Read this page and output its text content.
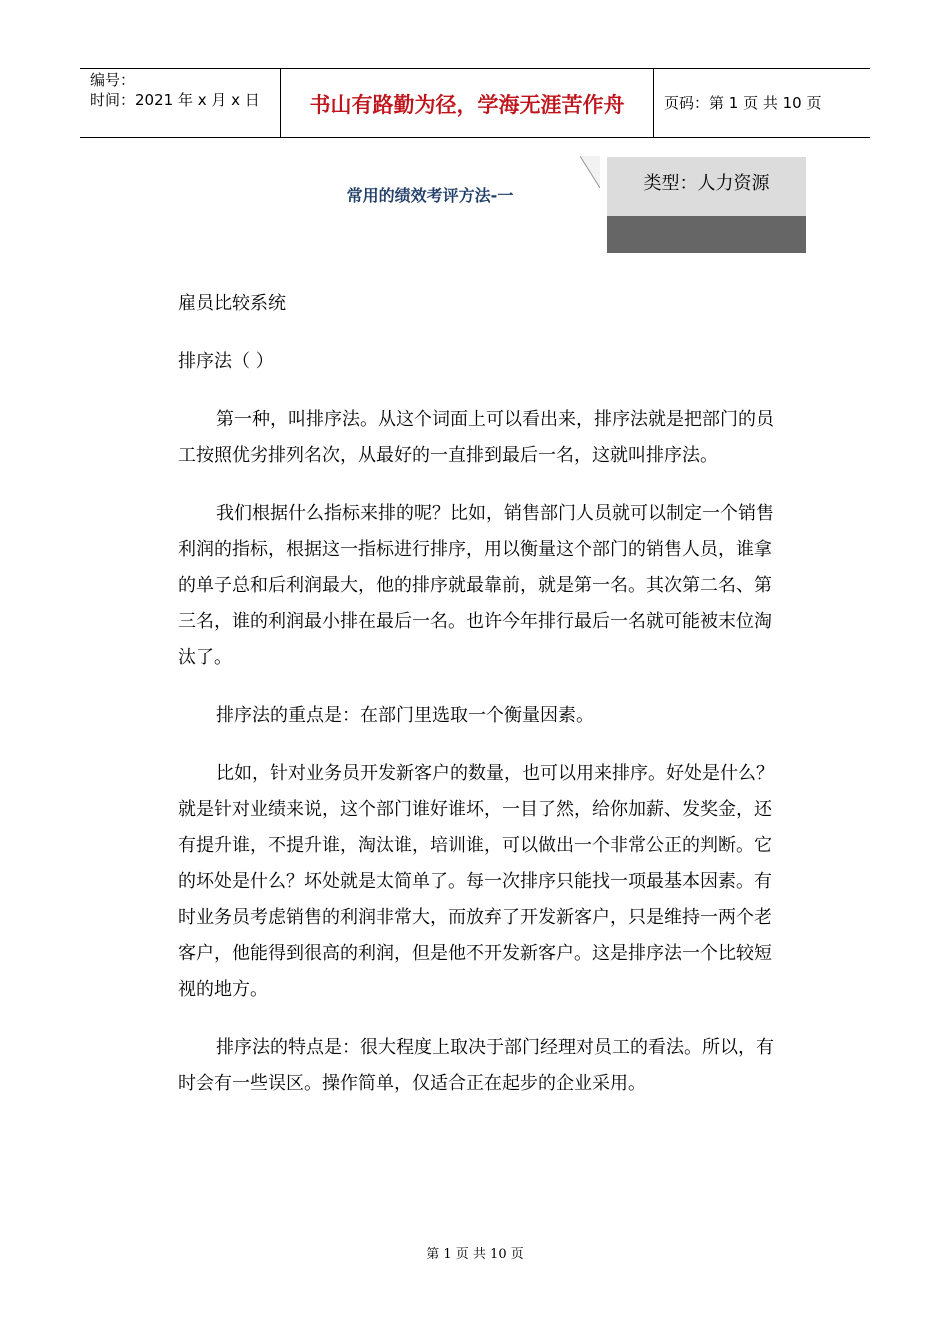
编号：
时间：2021 年 x 月 x 日	书山有路勤为径，学海无涯苦作舟	页码：第 1 页 共 10 页
常用的绩效考评方法-一
类型：人力资源

雇员比较系统

排序法（ ）

第一种，叫排序法。从这个词面上可以看出来，排序法就是把部门的员工按照优劣排列名次，从最好的一直排到最后一名，这就叫排序法。

我们根据什么指标来排的呢？比如，销售部门人员就可以制定一个销售利润的指标，根据这一指标进行排序，用以衡量这个部门的销售人员，谁拿的单子总和后利润最大，他的排序就最靠前，就是第一名。其次第二名、第三名，谁的利润最小排在最后一名。也许今年排行最后一名就可能被末位淘汰了。

排序法的重点是：在部门里选取一个衡量因素。

比如，针对业务员开发新客户的数量，也可以用来排序。好处是什么？就是针对业绩来说，这个部门谁好谁坏，一目了然，给你加薪、发奖金，还有提升谁，不提升谁，淘汰谁，培训谁，可以做出一个非常公正的判断。它的坏处是什么？坏处就是太简单了。每一次排序只能找一项最基本因素。有时业务员考虑销售的利润非常大，而放弃了开发新客户，只是维持一两个老客户，他能得到很高的利润，但是他不开发新客户。这是排序法一个比较短视的地方。

排序法的特点是：很大程度上取决于部门经理对员工的看法。所以，有时会有一些误区。操作简单，仅适合正在起步的企业采用。

第 1 页 共 10 页
